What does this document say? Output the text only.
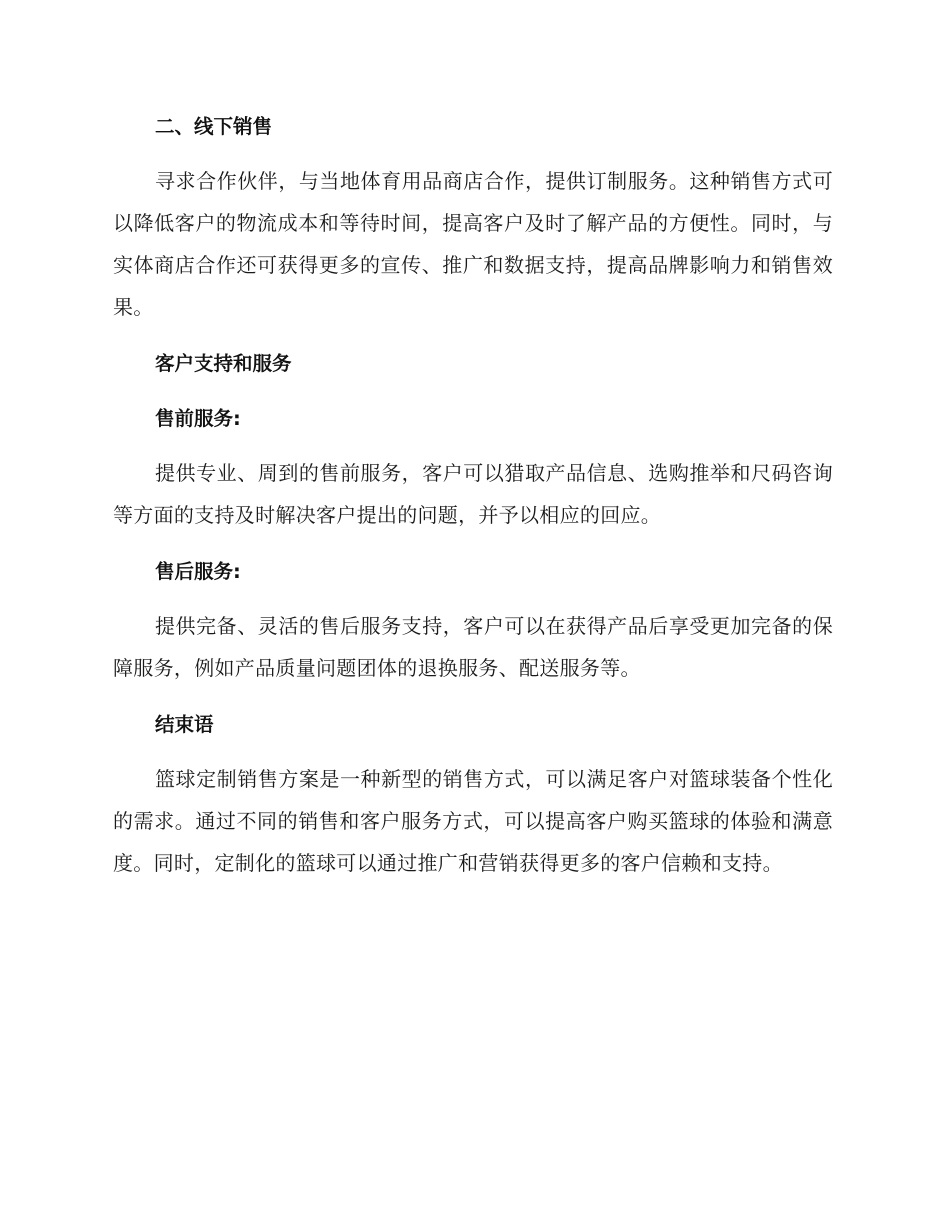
二、线下销售

寻求合作伙伴，与当地体育用品商店合作，提供订制服务。这种销售方式可以降低客户的物流成本和等待时间，提高客户及时了解产品的方便性。同时，与实体商店合作还可获得更多的宣传、推广和数据支持，提高品牌影响力和销售效果。

客户支持和服务
售前服务:

提供专业、周到的售前服务，客户可以猎取产品信息、选购推举和尺码咨询等方面的支持及时解决客户提出的问题，并予以相应的回应。

售后服务:

提供完备、灵活的售后服务支持，客户可以在获得产品后享受更加完备的保障服务，例如产品质量问题团体的退换服务、配送服务等。

结束语

篮球定制销售方案是一种新型的销售方式，可以满足客户对篮球装备个性化的需求。通过不同的销售和客户服务方式，可以提高客户购买篮球的体验和满意度。同时，定制化的篮球可以通过推广和营销获得更多的客户信赖和支持。
